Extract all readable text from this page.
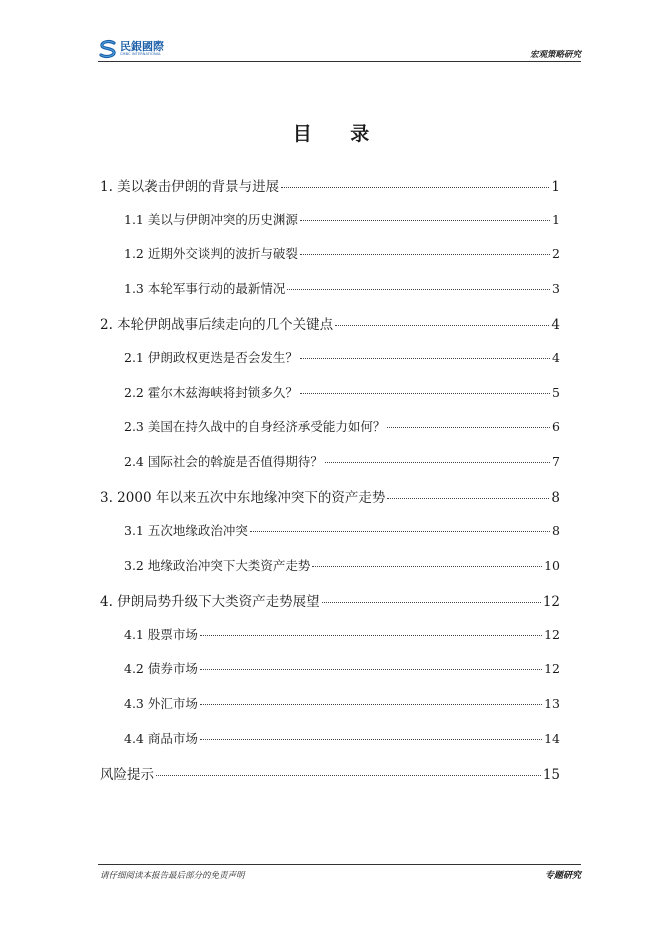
民銀國際
CMBC INTERNATIONAL	宏观策略研究
目 录
1. 美以袭击伊朗的背景与进展	1
1.1 美以与伊朗冲突的历史渊源	1
1.2 近期外交谈判的波折与破裂	2
1.3 本轮军事行动的最新情况	3
2. 本轮伊朗战事后续走向的几个关键点	4
2.1 伊朗政权更迭是否会发生？	4
2.2 霍尔木兹海峡将封锁多久？	5
2.3 美国在持久战中的自身经济承受能力如何？	6
2.4 国际社会的斡旋是否值得期待？	7
3. 2000 年以来五次中东地缘冲突下的资产走势	8
3.1 五次地缘政治冲突	8
3.2 地缘政治冲突下大类资产走势	10
4. 伊朗局势升级下大类资产走势展望	12
4.1 股票市场	12
4.2 债券市场	12
4.3 外汇市场	13
4.4 商品市场	14
风险提示	15
请仔细阅读本报告最后部分的免责声明	专题研究
